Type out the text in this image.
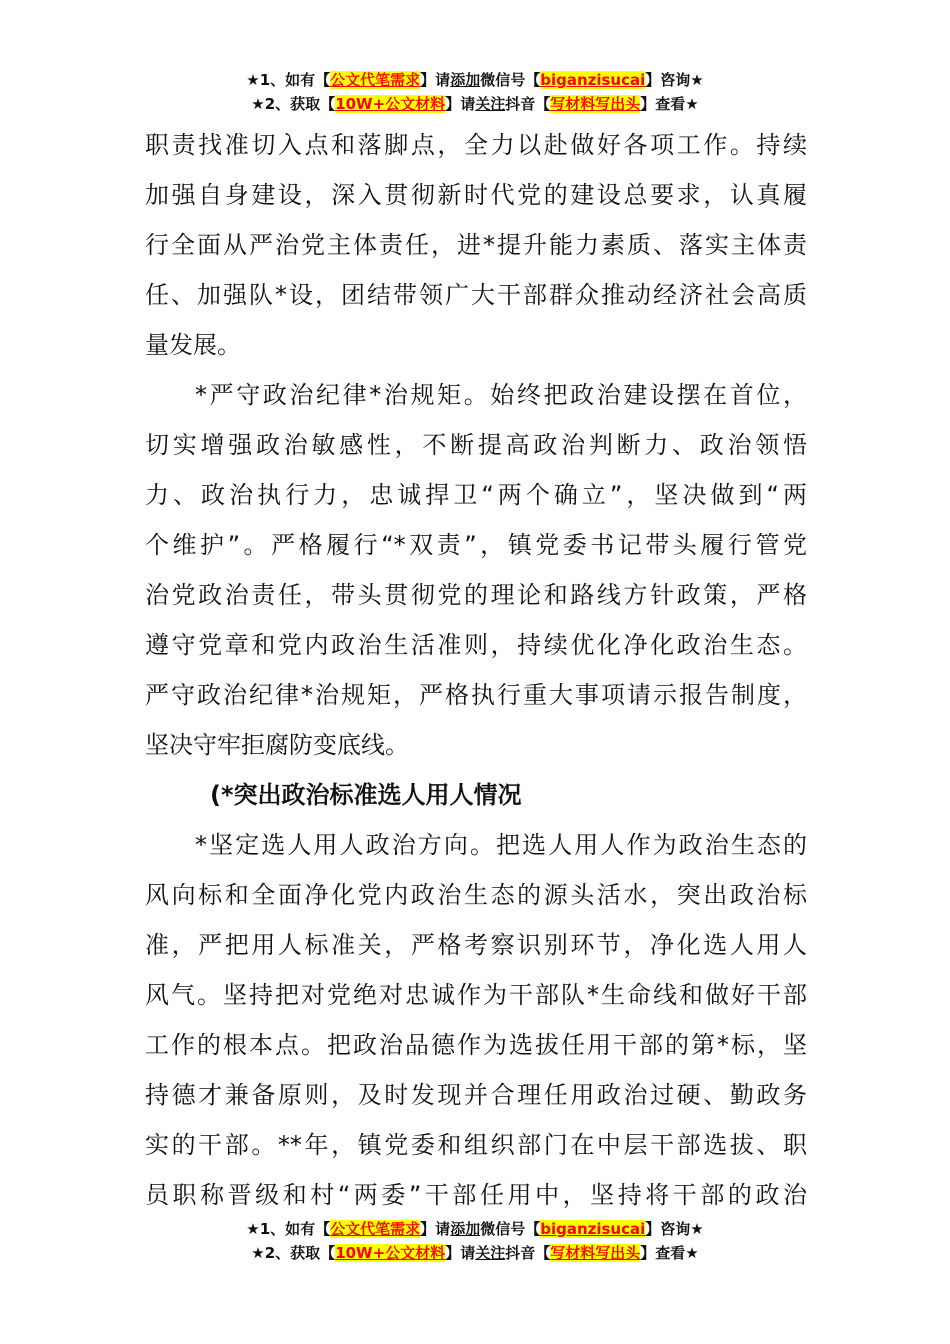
★1、如有【公文代笔需求】请添加微信号【biganzisucai】咨询★
★2、获取【10W+公文材料】请关注抖音【写材料写出头】查看★
职责找准切入点和落脚点，全力以赴做好各项工作。持续
加强自身建设，深入贯彻新时代党的建设总要求，认真履
行全面从严治党主体责任，进*提升能力素质、落实主体责
任、加强队*设，团结带领广大干部群众推动经济社会高质
量发展。
*严守政治纪律*治规矩。始终把政治建设摆在首位，
切实增强政治敏感性，不断提高政治判断力、政治领悟
力、政治执行力，忠诚捍卫“两个确立”，坚决做到“两
个维护”。严格履行“*双责”，镇党委书记带头履行管党
治党政治责任，带头贯彻党的理论和路线方针政策，严格
遵守党章和党内政治生活准则，持续优化净化政治生态。
严守政治纪律*治规矩，严格执行重大事项请示报告制度，
坚决守牢拒腐防变底线。
(*突出政治标准选人用人情况
*坚定选人用人政治方向。把选人用人作为政治生态的
风向标和全面净化党内政治生态的源头活水，突出政治标
准，严把用人标准关，严格考察识别环节，净化选人用人
风气。坚持把对党绝对忠诚作为干部队*生命线和做好干部
工作的根本点。把政治品德作为选拔任用干部的第*标，坚
持德才兼备原则，及时发现并合理任用政治过硬、勤政务
实的干部。**年，镇党委和组织部门在中层干部选拔、职
员职称晋级和村“两委”干部任用中，坚持将干部的政治
★1、如有【公文代笔需求】请添加微信号【biganzisucai】咨询★
★2、获取【10W+公文材料】请关注抖音【写材料写出头】查看★
